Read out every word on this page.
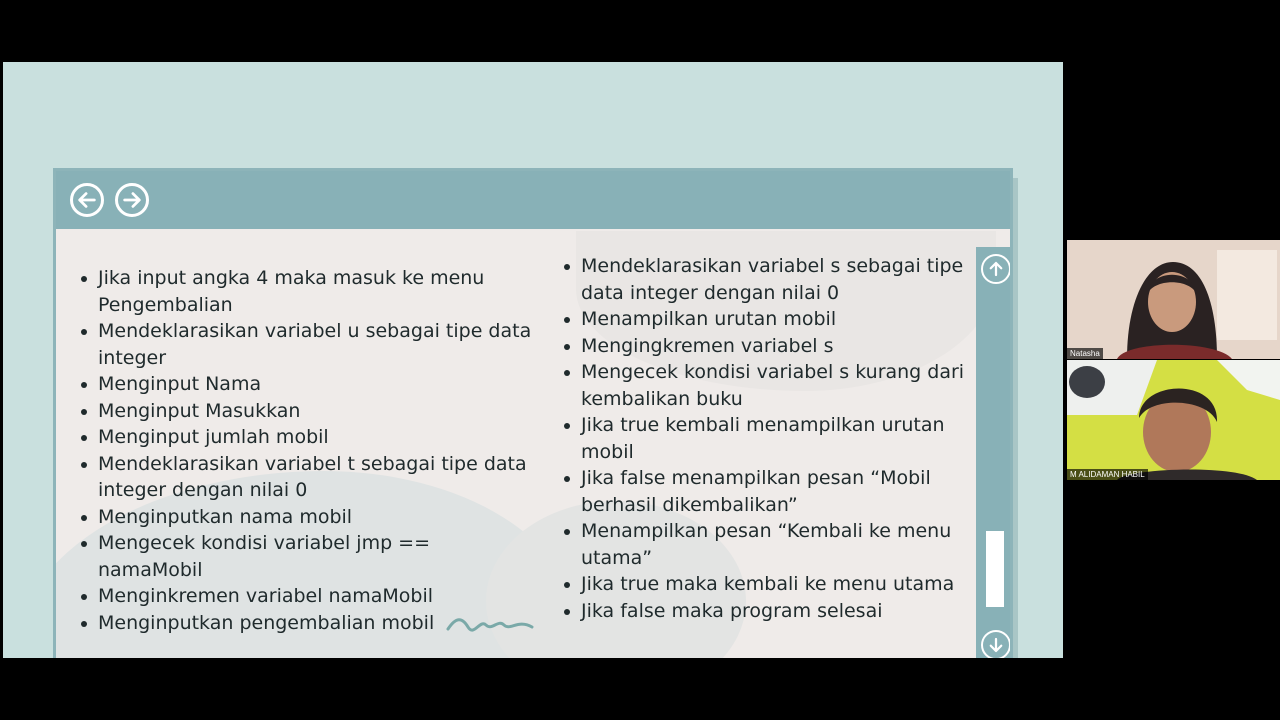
Jika input angka 4 maka masuk ke menu Pengembalian
Mendeklarasikan variabel u sebagai tipe data integer
Menginput Nama
Menginput Masukkan
Menginput jumlah mobil
Mendeklarasikan variabel t sebagai tipe data integer dengan nilai 0
Menginputkan nama mobil
Mengecek kondisi variabel jmp == namaMobil
Menginkremen variabel namaMobil
Menginputkan pengembalian mobil
Mendeklarasikan variabel s sebagai tipe data integer dengan nilai 0
Menampilkan urutan mobil
Mengingkremen variabel s
Mengecek kondisi variabel s kurang dari kembalikan buku
Jika true kembali menampilkan urutan mobil
Jika false menampilkan pesan “Mobil berhasil dikembalikan”
Menampilkan pesan “Kembali ke menu utama”
Jika true maka kembali ke menu utama
Jika false maka program selesai
Natasha
M ALIDAMAN HABIL
